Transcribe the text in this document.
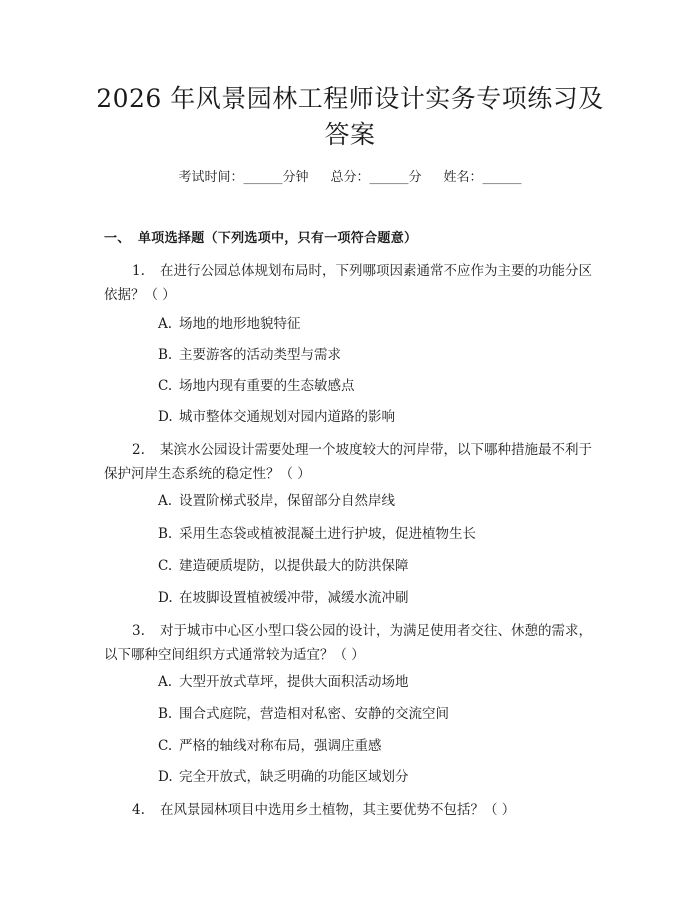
2026 年风景园林工程师设计实务专项练习及
答案
考试时间：______分钟 总分：______分 姓名：______
一、 单项选择题（下列选项中，只有一项符合题意）
1. 在进行公园总体规划布局时，下列哪项因素通常不应作为主要的功能分区
依据？（ ）
A. 场地的地形地貌特征
B. 主要游客的活动类型与需求
C. 场地内现有重要的生态敏感点
D. 城市整体交通规划对园内道路的影响
2. 某滨水公园设计需要处理一个坡度较大的河岸带，以下哪种措施最不利于
保护河岸生态系统的稳定性？（ ）
A. 设置阶梯式驳岸，保留部分自然岸线
B. 采用生态袋或植被混凝土进行护坡，促进植物生长
C. 建造硬质堤防，以提供最大的防洪保障
D. 在坡脚设置植被缓冲带，减缓水流冲刷
3. 对于城市中心区小型口袋公园的设计，为满足使用者交往、休憩的需求，
以下哪种空间组织方式通常较为适宜？（ ）
A. 大型开放式草坪，提供大面积活动场地
B. 围合式庭院，营造相对私密、安静的交流空间
C. 严格的轴线对称布局，强调庄重感
D. 完全开放式，缺乏明确的功能区域划分
4. 在风景园林项目中选用乡土植物，其主要优势不包括？（ ）
